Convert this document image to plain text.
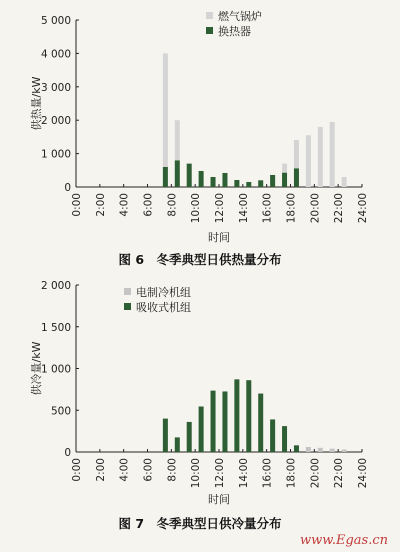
0
1 000
2 000
3 000
4 000
5 000
0:00 2:00 4:00 6:00 8:00 10:00 12:00 14:00 16:00 18:00 20:00 22:00 24:00
供热量/kW
时间
燃气锅炉
换热器
图 6　冬季典型日供热量分布
0
500
1 000
1 500
2 000
0:00 2:00 4:00 6:00 8:00 10:00 12:00 14:00 16:00 18:00 20:00 22:00 24:00
供冷量/kW
时间
电制冷机组
吸收式机组
图 7　冬季典型日供冷量分布
www.Egas.cn
